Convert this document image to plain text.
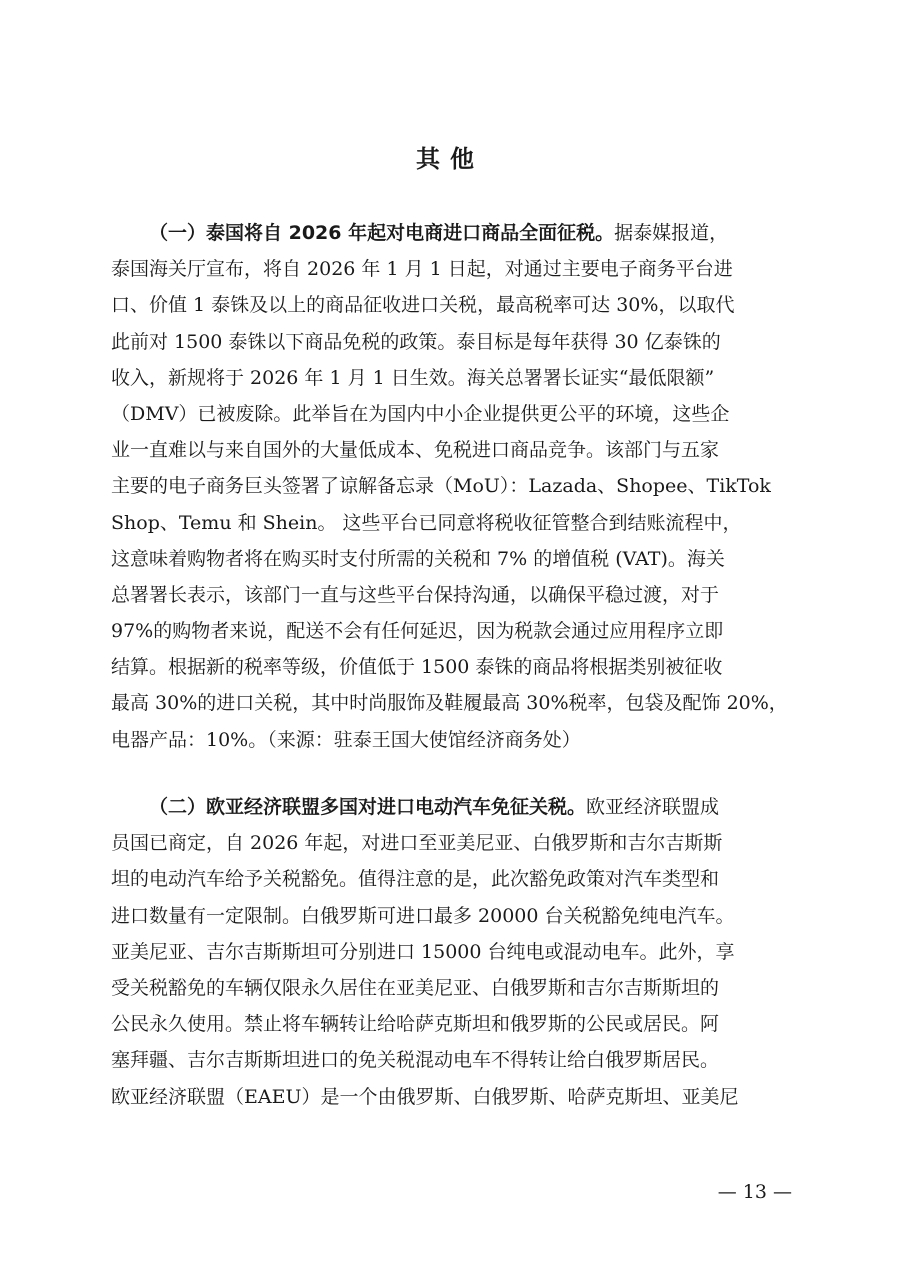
其他
（一）泰国将自 2026 年起对电商进口商品全面征税。据泰媒报道，
泰国海关厅宣布，将自 2026 年 1 月 1 日起，对通过主要电子商务平台进
口、价值 1 泰铢及以上的商品征收进口关税，最高税率可达 30%，以取代
此前对 1500 泰铢以下商品免税的政策。泰目标是每年获得 30 亿泰铢的
收入，新规将于 2026 年 1 月 1 日生效。海关总署署长证实“最低限额”
（DMV）已被废除。此举旨在为国内中小企业提供更公平的环境，这些企
业一直难以与来自国外的大量低成本、免税进口商品竞争。该部门与五家
主要的电子商务巨头签署了谅解备忘录（MoU）：Lazada、Shopee、TikTok
Shop、Temu 和 Shein。 这些平台已同意将税收征管整合到结账流程中，
这意味着购物者将在购买时支付所需的关税和 7% 的增值税 (VAT)。海关
总署署长表示，该部门一直与这些平台保持沟通，以确保平稳过渡，对于
97%的购物者来说，配送不会有任何延迟，因为税款会通过应用程序立即
结算。根据新的税率等级，价值低于 1500 泰铢的商品将根据类别被征收
最高 30%的进口关税，其中时尚服饰及鞋履最高 30%税率，包袋及配饰 20%，
电器产品：10%。（来源：驻泰王国大使馆经济商务处）
（二）欧亚经济联盟多国对进口电动汽车免征关税。欧亚经济联盟成
员国已商定，自 2026 年起，对进口至亚美尼亚、白俄罗斯和吉尔吉斯斯
坦的电动汽车给予关税豁免。值得注意的是，此次豁免政策对汽车类型和
进口数量有一定限制。白俄罗斯可进口最多 20000 台关税豁免纯电汽车。
亚美尼亚、吉尔吉斯斯坦可分别进口 15000 台纯电或混动电车。此外，享
受关税豁免的车辆仅限永久居住在亚美尼亚、白俄罗斯和吉尔吉斯斯坦的
公民永久使用。禁止将车辆转让给哈萨克斯坦和俄罗斯的公民或居民。阿
塞拜疆、吉尔吉斯斯坦进口的免关税混动电车不得转让给白俄罗斯居民。
欧亚经济联盟（EAEU）是一个由俄罗斯、白俄罗斯、哈萨克斯坦、亚美尼
— 13 —
